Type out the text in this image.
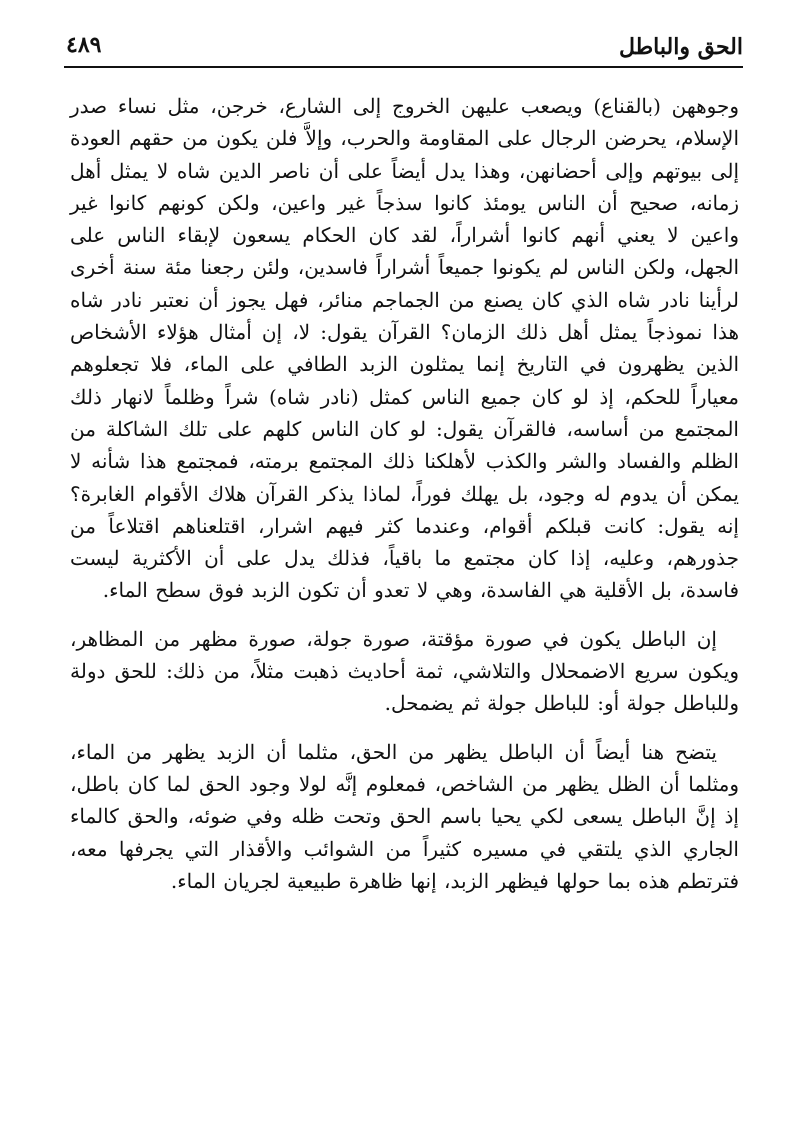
الحق والباطل
٤٨٩

وجوههن (بالقناع) ويصعب عليهن الخروج إلى الشارع، خرجن، مثل نساء صدر الإسلام، يحرضن الرجال على المقاومة والحرب، وإلاَّ فلن يكون من حقهم العودة إلى بيوتهم وإلى أحضانهن، وهذا يدل أيضاً على أن ناصر الدين شاه لا يمثل أهل زمانه، صحيح أن الناس يومئذ كانوا سذجاً غير واعين، ولكن كونهم كانوا غير واعين لا يعني أنهم كانوا أشراراً، لقد كان الحكام يسعون لإبقاء الناس على الجهل، ولكن الناس لم يكونوا جميعاً أشراراً فاسدين، ولئن رجعنا مئة سنة أخرى لرأينا نادر شاه الذي كان يصنع من الجماجم منائر، فهل يجوز أن نعتبر نادر شاه هذا نموذجاً يمثل أهل ذلك الزمان؟ القرآن يقول: لا، إن أمثال هؤلاء الأشخاص الذين يظهرون في التاريخ إنما يمثلون الزبد الطافي على الماء، فلا تجعلوهم معياراً للحكم، إذ لو كان جميع الناس كمثل (نادر شاه) شراً وظلماً لانهار ذلك المجتمع من أساسه، فالقرآن يقول: لو كان الناس كلهم على تلك الشاكلة من الظلم والفساد والشر والكذب لأهلكنا ذلك المجتمع برمته، فمجتمع هذا شأنه لا يمكن أن يدوم له وجود، بل يهلك فوراً، لماذا يذكر القرآن هلاك الأقوام الغابرة؟ إنه يقول: كانت قبلكم أقوام، وعندما كثر فيهم اشرار، اقتلعناهم اقتلاعاً من جذورهم، وعليه، إذا كان مجتمع ما باقياً، فذلك يدل على أن الأكثرية ليست فاسدة، بل الأقلية هي الفاسدة، وهي لا تعدو أن تكون الزبد فوق سطح الماء.

إن الباطل يكون في صورة مؤقتة، صورة جولة، صورة مظهر من المظاهر، ويكون سريع الاضمحلال والتلاشي، ثمة أحاديث ذهبت مثلاً، من ذلك: للحق دولة وللباطل جولة أو: للباطل جولة ثم يضمحل.

يتضح هنا أيضاً أن الباطل يظهر من الحق، مثلما أن الزبد يظهر من الماء، ومثلما أن الظل يظهر من الشاخص، فمعلوم إنَّه لولا وجود الحق لما كان باطل، إذ إنَّ الباطل يسعى لكي يحيا باسم الحق وتحت ظله وفي ضوئه، والحق كالماء الجاري الذي يلتقي في مسيره كثيراً من الشوائب والأقذار التي يجرفها معه، فترتطم هذه بما حولها فيظهر الزبد، إنها ظاهرة طبيعية لجريان الماء.
